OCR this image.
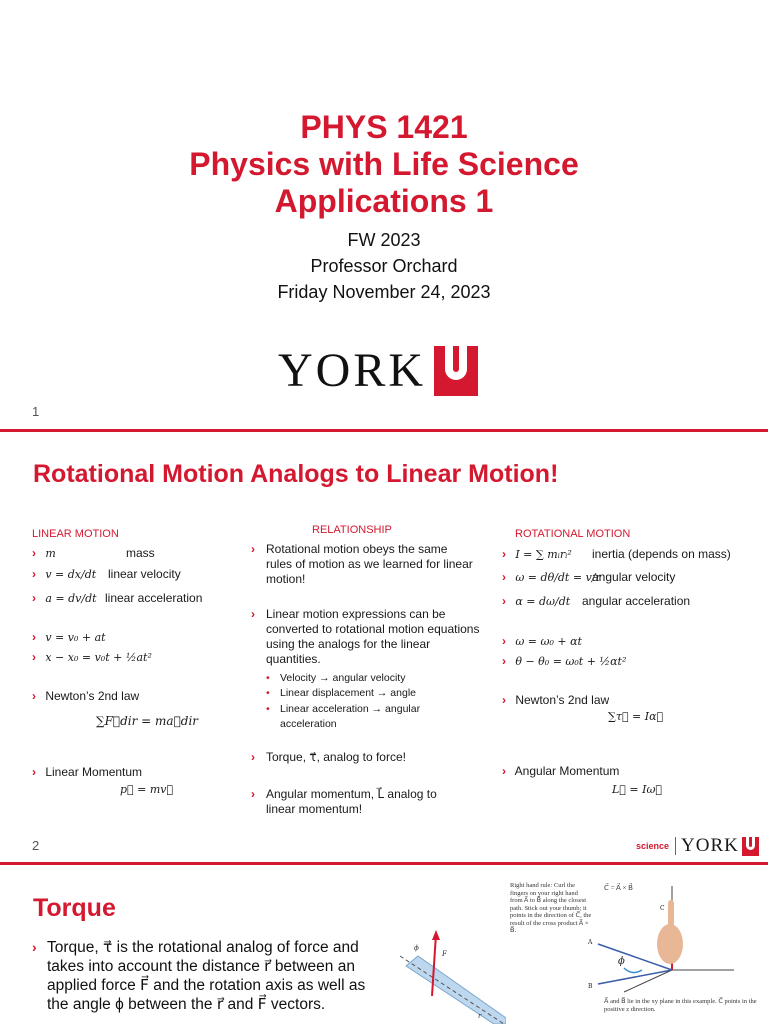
PHYS 1421
Physics with Life Science
Applications 1
FW 2023
Professor Orchard
Friday November 24, 2023
YORK
1
Rotational Motion Analogs to Linear Motion!
LINEAR MOTION
› m	mass
› v = dx/dt linear velocity
› a = dv/dt linear acceleration
› v = v₀ + at
› x − x₀ = v₀t + ½at²
› Newton’s 2nd law
∑F⃗dir = ma⃗dir
› Linear Momentum
p⃗ = mv⃗
RELATIONSHIP
› Rotational motion obeys the same rules of motion as we learned for linear motion!
› Linear motion expressions can be converted to rotational motion equations using the analogs for the linear quantities.
• Velocity → angular velocity
• Linear displacement → angle
• Linear acceleration → angular acceleration
› Torque, τ⃗, analog to force!
› Angular momentum, L⃗ analog to linear momentum!
ROTATIONAL MOTION
› I = ∑ mᵢrᵢ² inertia (depends on mass)
› ω = dθ/dt = v/r
angular velocity
› α = dω/dt angular acceleration
› ω = ω₀ + αt
› θ − θ₀ = ω₀t + ½αt²
› Newton’s 2nd law
∑τ⃗ = Iα⃗
› Angular Momentum
L⃗ = Iω⃗
2	science YORK
Torque
› Torque, τ⃗ is the rotational analog of force and takes into account the distance r⃗ between an applied force F⃗ and the rotation axis as well as the angle ϕ between the r⃗ and F⃗ vectors.
F
ϕ
r
Right hand rule: Curl the fingers on your right hand from A⃗ to B⃗ along the closest path. Stick out your thumb; it points in the direction of C⃗, the result of the cross product A⃗ × B⃗.
C⃗ = A⃗ × B⃗
ϕ
A
B
C
A⃗ and B⃗ lie in the xy plane in this example. C⃗ points in the positive z direction.
